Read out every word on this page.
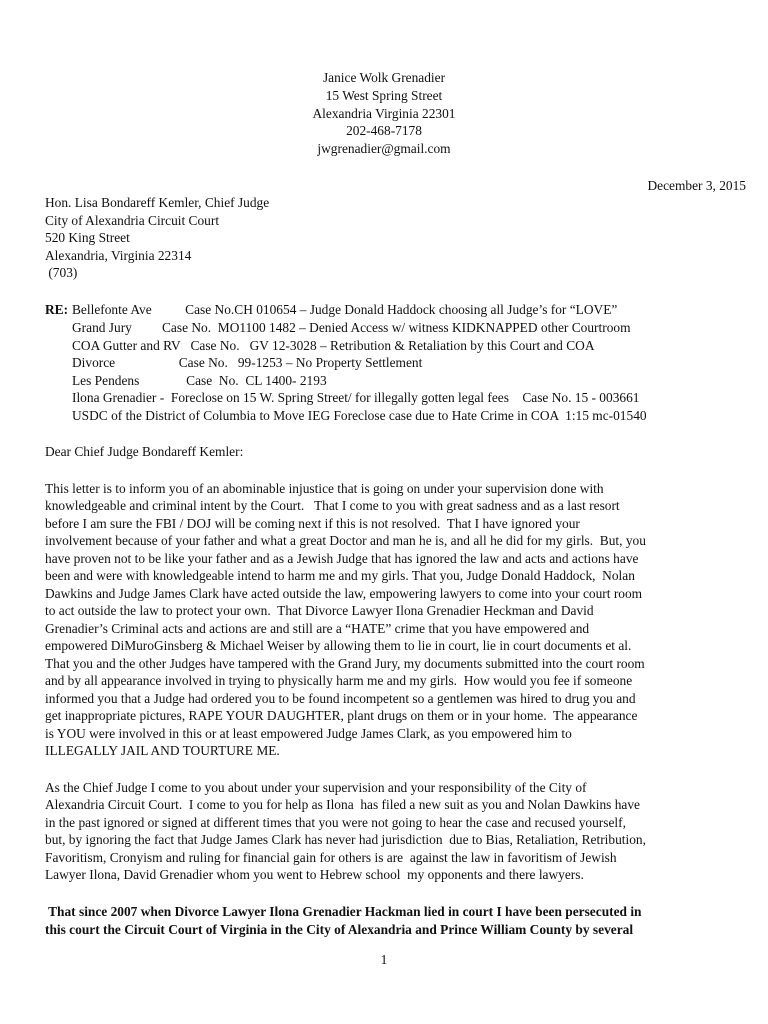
Janice Wolk Grenadier
15 West Spring Street
Alexandria Virginia 22301
202-468-7178
jwgrenadier@gmail.com
December 3, 2015
Hon. Lisa Bondareff Kemler, Chief Judge
City of Alexandria Circuit Court
520 King Street
Alexandria, Virginia 22314
(703)
RE: Bellefonte Ave          Case No.CH 010654 – Judge Donald Haddock choosing all Judge’s for “LOVE”
Grand Jury         Case No.  MO1100 1482 – Denied Access w/ witness KIDKNAPPED other Courtroom
COA Gutter and RV   Case No.   GV 12-3028 – Retribution & Retaliation by this Court and COA
Divorce                   Case No.   99-1253 – No Property Settlement
Les Pendens              Case  No.  CL 1400- 2193
Ilona Grenadier -  Foreclose on 15 W. Spring Street/ for illegally gotten legal fees    Case No. 15 - 003661
USDC of the District of Columbia to Move IEG Foreclose case due to Hate Crime in COA  1:15 mc-01540
Dear Chief Judge Bondareff Kemler:
This letter is to inform you of an abominable injustice that is going on under your supervision done with
knowledgeable and criminal intent by the Court.   That I come to you with great sadness and as a last resort
before I am sure the FBI / DOJ will be coming next if this is not resolved.  That I have ignored your
involvement because of your father and what a great Doctor and man he is, and all he did for my girls.  But, you
have proven not to be like your father and as a Jewish Judge that has ignored the law and acts and actions have
been and were with knowledgeable intend to harm me and my girls. That you, Judge Donald Haddock,  Nolan
Dawkins and Judge James Clark have acted outside the law, empowering lawyers to come into your court room
to act outside the law to protect your own.  That Divorce Lawyer Ilona Grenadier Heckman and David
Grenadier’s Criminal acts and actions are and still are a “HATE” crime that you have empowered and
empowered DiMuroGinsberg & Michael Weiser by allowing them to lie in court, lie in court documents et al.
That you and the other Judges have tampered with the Grand Jury, my documents submitted into the court room
and by all appearance involved in trying to physically harm me and my girls.  How would you fee if someone
informed you that a Judge had ordered you to be found incompetent so a gentlemen was hired to drug you and
get inappropriate pictures, RAPE YOUR DAUGHTER, plant drugs on them or in your home.  The appearance
is YOU were involved in this or at least empowered Judge James Clark, as you empowered him to
ILLEGALLY JAIL AND TOURTURE ME.
As the Chief Judge I come to you about under your supervision and your responsibility of the City of
Alexandria Circuit Court.  I come to you for help as Ilona  has filed a new suit as you and Nolan Dawkins have
in the past ignored or signed at different times that you were not going to hear the case and recused yourself,
but, by ignoring the fact that Judge James Clark has never had jurisdiction  due to Bias, Retaliation, Retribution,
Favoritism, Cronyism and ruling for financial gain for others is are  against the law in favoritism of Jewish
Lawyer Ilona, David Grenadier whom you went to Hebrew school  my opponents and there lawyers.
That since 2007 when Divorce Lawyer Ilona Grenadier Hackman lied in court I have been persecuted in
this court the Circuit Court of Virginia in the City of Alexandria and Prince William County by several
1
